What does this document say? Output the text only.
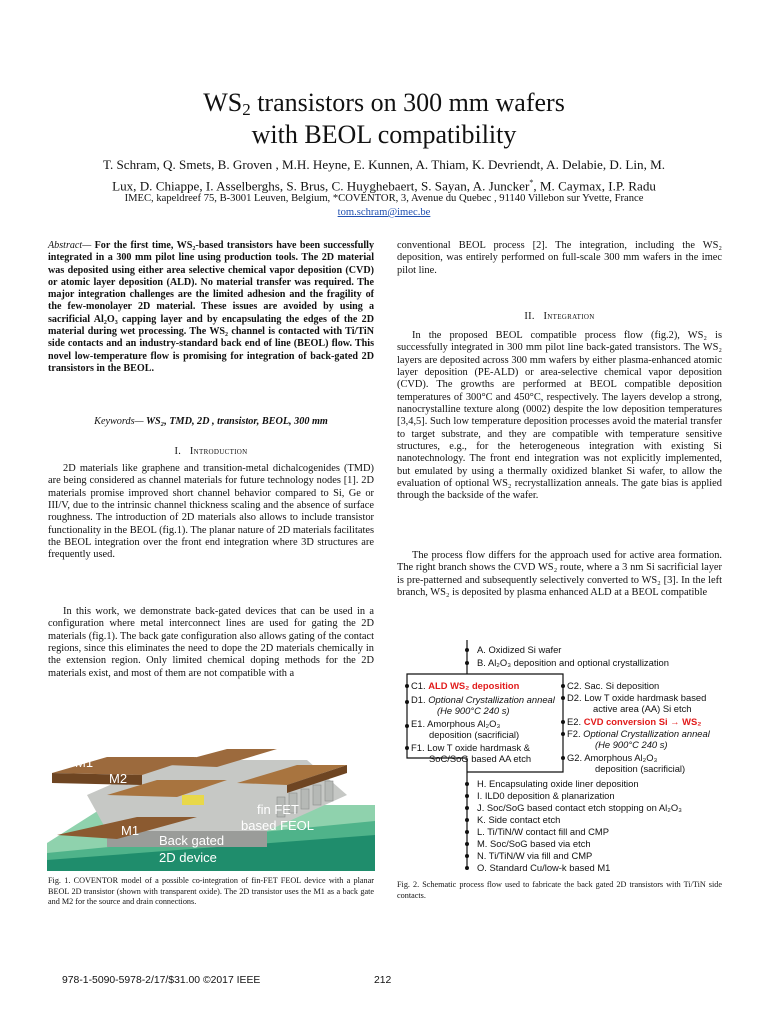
$WS_2$ transistors on 300 mm wafers
with BEOL compatibility
T. Schram, Q. Smets, B. Groven , M.H. Heyne, E. Kunnen, A. Thiam, K. Devriendt, A. Delabie, D. Lin, M.
Lux, D. Chiappe, I. Asselberghs, S. Brus, C. Huyghebaert, S. Sayan, A. Juncker*, M. Caymax, I.P. Radu
IMEC, kapeldreef 75, B-3001 Leuven, Belgium, *COVENTOR, 3, Avenue du Quebec , 91140 Villebon sur Yvette, France
tom.schram@imec.be
Abstract— For the first time, WS₂-based transistors have been successfully integrated in a 300 mm pilot line using production tools. The 2D material was deposited using either area selective chemical vapor deposition (CVD) or atomic layer deposition (ALD). No material transfer was required. The major integration challenges are the limited adhesion and the fragility of the few-monolayer 2D material. These issues are avoided by using a sacrificial Al₂O₃ capping layer and by encapsulating the edges of the 2D material during wet processing. The WS₂ channel is contacted with Ti/TiN side contacts and an industry-standard back end of line (BEOL) flow. This novel low-temperature flow is promising for integration of back-gated 2D transistors in the BEOL.
Keywords— WS₂, TMD, 2D , transistor, BEOL, 300 mm
I. Introduction

2D materials like graphene and transition-metal dichalcogenides (TMD) are being considered as channel materials for future technology nodes [1]. 2D materials promise improved short channel behavior compared to Si, Ge or III/V, due to the intrinsic channel thickness scaling and the absence of surface roughness. The introduction of 2D materials also allows to include transistor functionality in the BEOL (fig.1). The planar nature of 2D materials facilitates the BEOL integration over the front end integration where 3D structures are frequently used.

In this work, we demonstrate back-gated devices that can be used in a configuration where metal interconnect lines are used for gating the 2D materials (fig.1). The back gate configuration also allows gating of the contact regions, since this eliminates the need to dope the 2D materials chemically in the extension region. Only limited chemical doping methods for the 2D materials exist, and most of them are not compatible with a

M1
M2
M1
fin FET
based FEOL
Back gated
2D device
Fig. 1. COVENTOR model of a possible co-integration of fin-FET FEOL device with a planar BEOL 2D transistor (shown with transparent oxide). The 2D transistor uses the M1 as a back gate and M2 for the source and drain connections.

conventional BEOL process [2]. The integration, including the WS₂ deposition, was entirely performed on full-scale 300 mm wafers in the imec pilot line.

II. Integration

In the proposed BEOL compatible process flow (fig.2), WS₂ is successfully integrated in 300 mm pilot line back-gated transistors. The WS₂ layers are deposited across 300 mm wafers by either plasma-enhanced atomic layer deposition (PE-ALD) or area-selective chemical vapor deposition (CVD). The growths are performed at BEOL compatible deposition temperatures of 300°C and 450°C, respectively. The layers develop a strong, nanocrystalline texture along (0002) despite the low deposition temperatures [3,4,5]. Such low temperature deposition processes avoid the material transfer to target substrate, and they are compatible with temperature sensitive structures, e.g., for the heterogeneous integration with existing Si nanotechnology. The front end integration was not explicitly implemented, but emulated by using a thermally oxidized blanket Si wafer, to allow the evaluation of optional WS₂ recrystallization anneals. The gate bias is applied through the backside of the wafer.

The process flow differs for the approach used for active area formation. The right branch shows the CVD WS₂ route, where a 3 nm Si sacrificial layer is pre-patterned and subsequently selectively converted to WS₂ [3]. In the left branch, WS₂ is deposited by plasma enhanced ALD at a BEOL compatible

A. Oxidized Si wafer
B. Al₂O₃ deposition and optional crystallization
C1. ALD WS₂ deposition
D1. Optional Crystallization anneal
(He 900°C 240 s)
E1. Amorphous Al₂O₃
deposition (sacrificial)
F1. Low T oxide hardmask &
SoC/SoG based AA etch
C2. Sac. Si deposition
D2. Low T oxide hardmask based
active area (AA) Si etch
E2. CVD conversion Si → WS₂
F2. Optional Crystallization anneal
(He 900°C 240 s)
G2. Amorphous Al₂O₃
deposition (sacrificial)
H. Encapsulating oxide liner deposition
I. ILD0 deposition & planarization
J. Soc/SoG based contact etch stopping on Al₂O₃
K. Side contact etch
L. Ti/TiN/W contact fill and CMP
M. Soc/SoG based via etch
N. Ti/TiN/W via fill and CMP
O. Standard Cu/low-k based M1
Fig. 2. Schematic process flow used to fabricate the back gated 2D transistors with Ti/TiN side contacts.
978-1-5090-5978-2/17/$31.00 ©2017 IEEE	212
